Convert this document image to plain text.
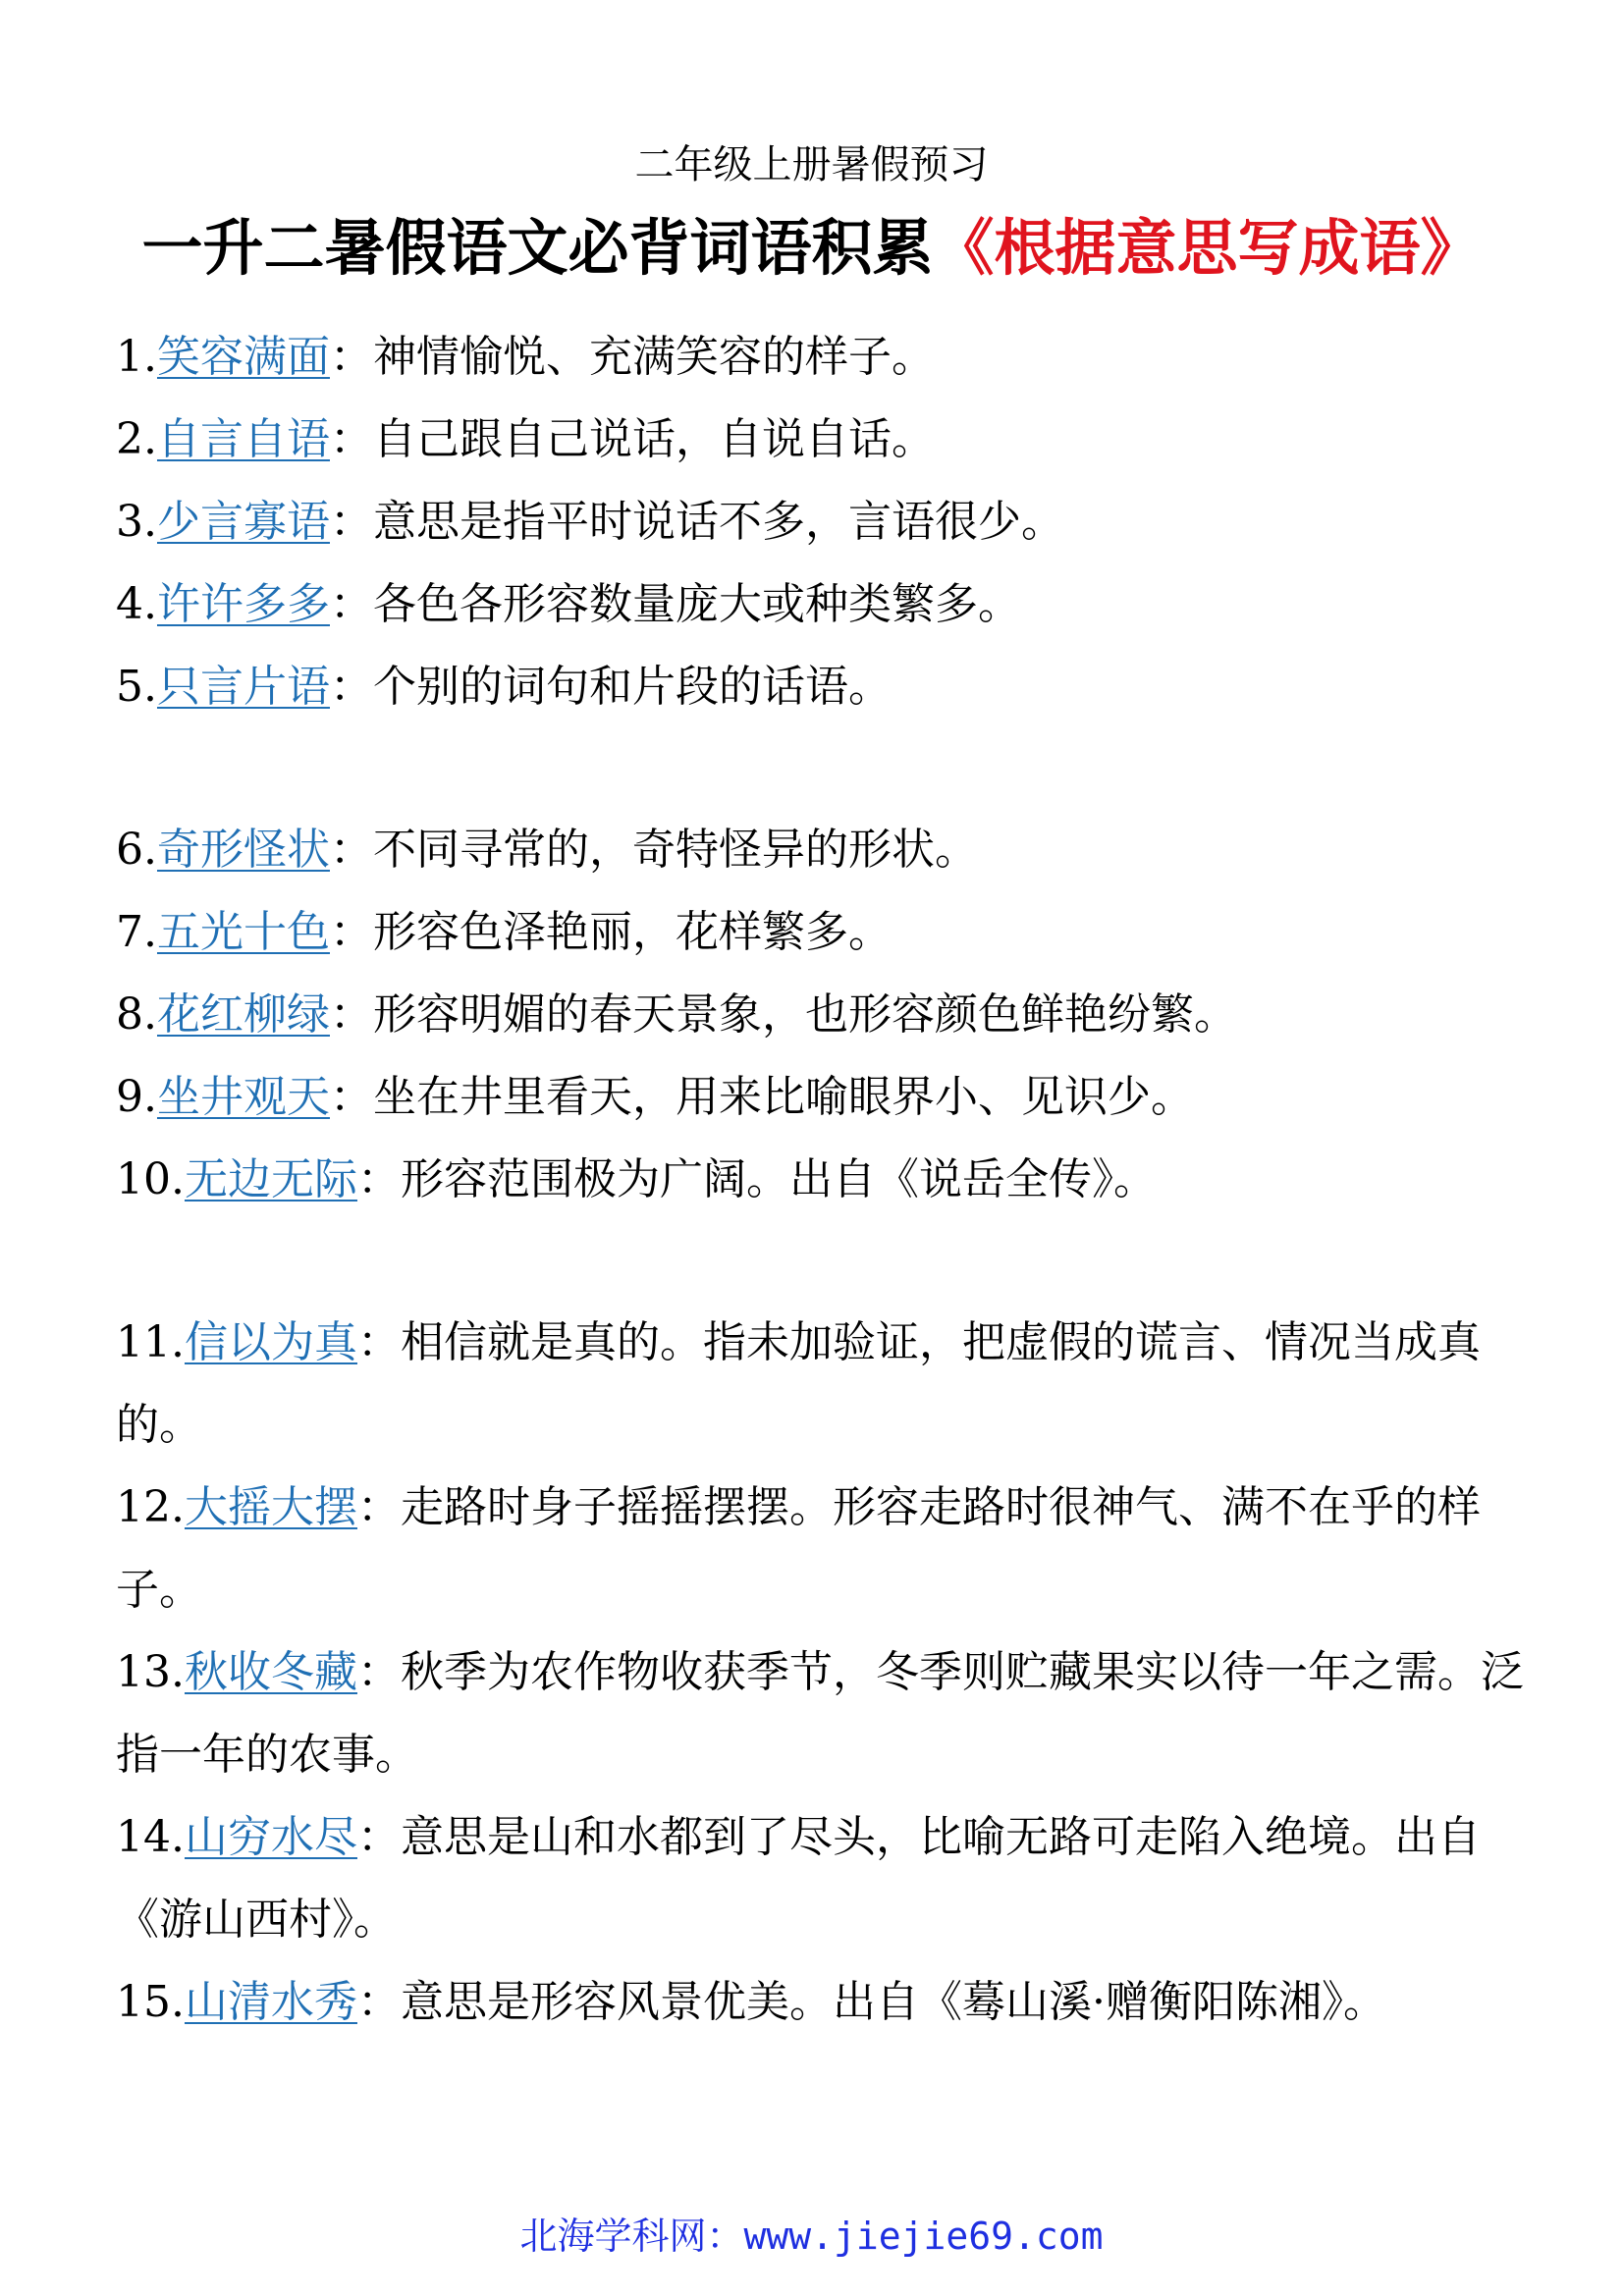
二年级上册暑假预习
一升二暑假语文必背词语积累《根据意思写成语》

1.笑容满面：神情愉悦、充满笑容的样子。

2.自言自语：自己跟自己说话，自说自话。

3.少言寡语：意思是指平时说话不多，言语很少。

4.许许多多：各色各形容数量庞大或种类繁多。

5.只言片语：个别的词句和片段的话语。

6.奇形怪状：不同寻常的，奇特怪异的形状。

7.五光十色：形容色泽艳丽，花样繁多。

8.花红柳绿：形容明媚的春天景象，也形容颜色鲜艳纷繁。

9.坐井观天：坐在井里看天，用来比喻眼界小、见识少。

10.无边无际：形容范围极为广阔。出自《说岳全传》。

11.信以为真：相信就是真的。指未加验证，把虚假的谎言、情况当成真的。

12.大摇大摆：走路时身子摇摇摆摆。形容走路时很神气、满不在乎的样子。

13.秋收冬藏：秋季为农作物收获季节，冬季则贮藏果实以待一年之需。泛指一年的农事。

14.山穷水尽：意思是山和水都到了尽头，比喻无路可走陷入绝境。出自《游山西村》。

15.山清水秀：意思是形容风景优美。出自《蓦山溪·赠衡阳陈湘》。

北海学科网：www.jiejie69.com
